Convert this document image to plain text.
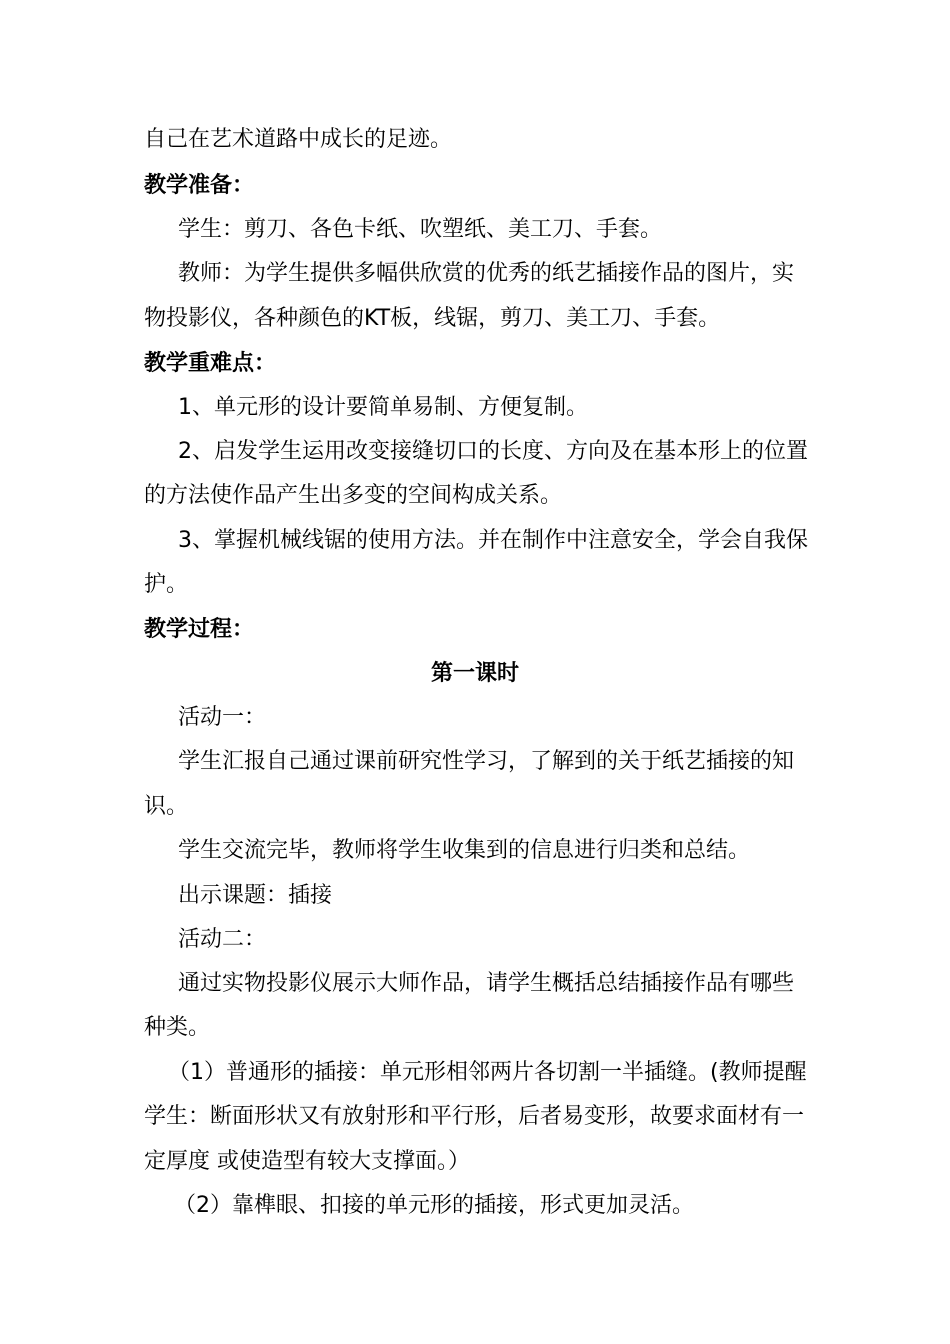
自己在艺术道路中成长的足迹。
教学准备：
学生：剪刀、各色卡纸、吹塑纸、美工刀、手套。
教师：为学生提供多幅供欣赏的优秀的纸艺插接作品的图片，实
物投影仪，各种颜色的KT板，线锯，剪刀、美工刀、手套。
教学重难点：
1、单元形的设计要简单易制、方便复制。
2、启发学生运用改变接缝切口的长度、方向及在基本形上的位置
的方法使作品产生出多变的空间构成关系。
3、掌握机械线锯的使用方法。并在制作中注意安全，学会自我保
护。
教学过程：
第一课时
活动一：
学生汇报自己通过课前研究性学习，了解到的关于纸艺插接的知
识。
学生交流完毕，教师将学生收集到的信息进行归类和总结。
出示课题：插接
活动二：
通过实物投影仪展示大师作品，请学生概括总结插接作品有哪些
种类。
（1）普通形的插接：单元形相邻两片各切割一半插缝。(教师提醒
学生：断面形状又有放射形和平行形，后者易变形，故要求面材有一
定厚度 或使造型有较大支撑面。）
（2）靠榫眼、扣接的单元形的插接，形式更加灵活。
